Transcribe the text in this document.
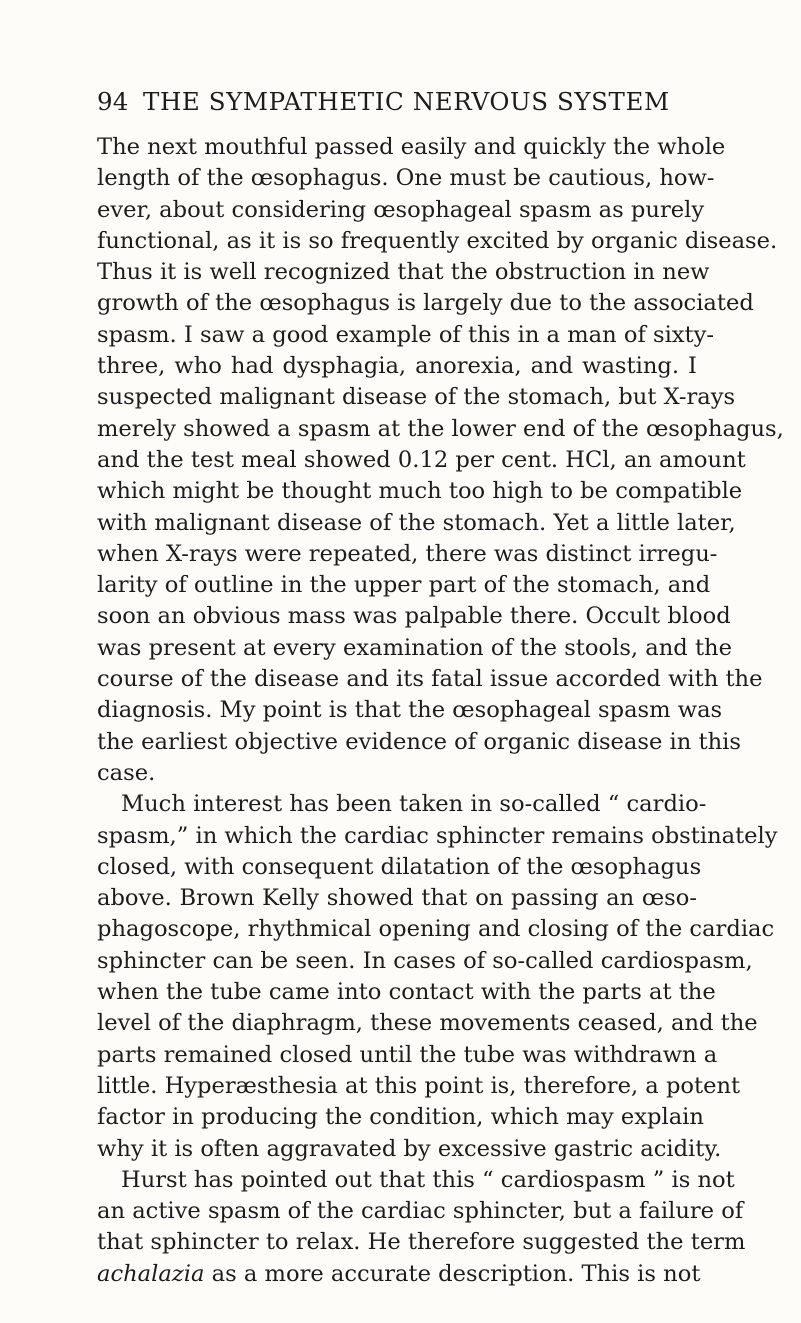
94 THE SYMPATHETIC NERVOUS SYSTEM
The next mouthful passed easily and quickly the whole
length of the œsophagus. One must be cautious, how-
ever, about considering œsophageal spasm as purely
functional, as it is so frequently excited by organic disease.
Thus it is well recognized that the obstruction in new
growth of the œsophagus is largely due to the associated
spasm. I saw a good example of this in a man of sixty-
three, who had dysphagia, anorexia, and wasting. I
suspected malignant disease of the stomach, but X-rays
merely showed a spasm at the lower end of the œsophagus,
and the test meal showed 0.12 per cent. HCl, an amount
which might be thought much too high to be compatible
with malignant disease of the stomach. Yet a little later,
when X-rays were repeated, there was distinct irregu-
larity of outline in the upper part of the stomach, and
soon an obvious mass was palpable there. Occult blood
was present at every examination of the stools, and the
course of the disease and its fatal issue accorded with the
diagnosis. My point is that the œsophageal spasm was
the earliest objective evidence of organic disease in this
case.
Much interest has been taken in so-called “ cardio-
spasm,” in which the cardiac sphincter remains obstinately
closed, with consequent dilatation of the œsophagus
above. Brown Kelly showed that on passing an œso-
phagoscope, rhythmical opening and closing of the cardiac
sphincter can be seen. In cases of so-called cardiospasm,
when the tube came into contact with the parts at the
level of the diaphragm, these movements ceased, and the
parts remained closed until the tube was withdrawn a
little. Hyperæsthesia at this point is, therefore, a potent
factor in producing the condition, which may explain
why it is often aggravated by excessive gastric acidity.
Hurst has pointed out that this “ cardiospasm ” is not
an active spasm of the cardiac sphincter, but a failure of
that sphincter to relax. He therefore suggested the term
achalazia as a more accurate description. This is not
